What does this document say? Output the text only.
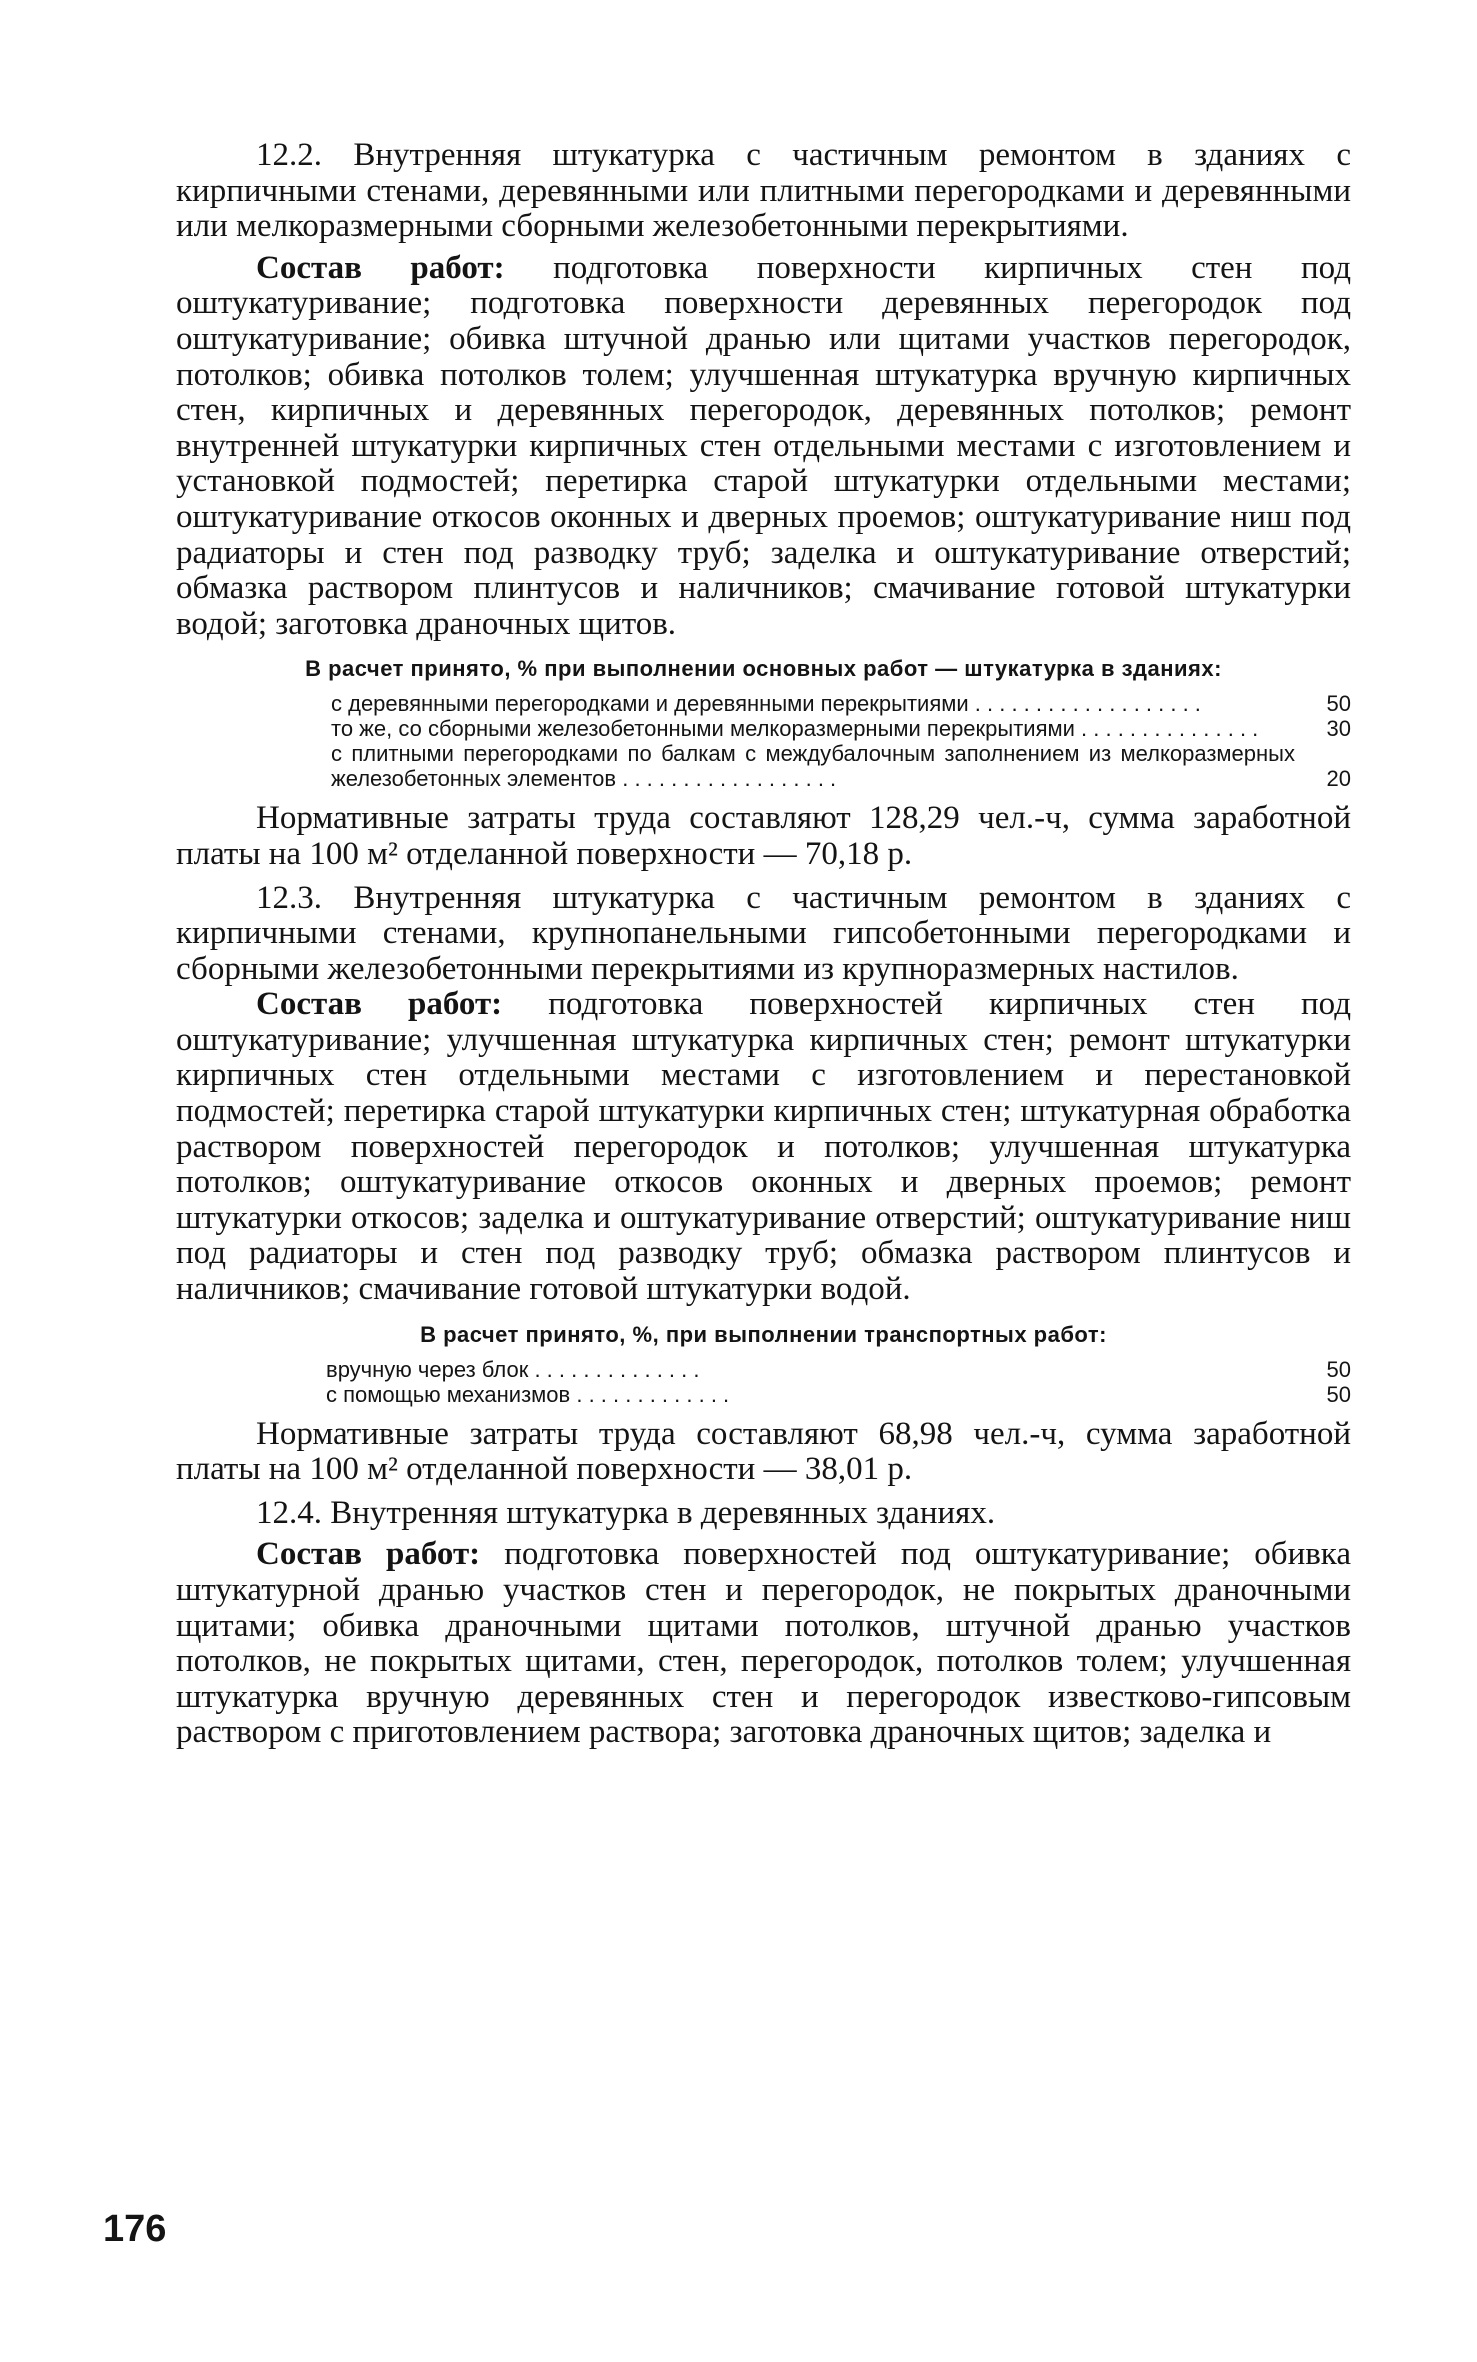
12.2. Внутренняя штукатурка с частичным ремонтом в зданиях с кирпичными стенами, деревянными или плитными перегородками и деревянными или мелкоразмерными сборными железобетонными перекрытиями.

Состав работ: подготовка поверхности кирпичных стен под оштукатуривание; подготовка поверхности деревянных перегородок под оштукатуривание; обивка штучной дранью или щитами участков перегородок, потолков; обивка потолков толем; улучшенная штукатурка вручную кирпичных стен, кирпичных и деревянных перегородок, деревянных потолков; ремонт внутренней штукатурки кирпичных стен отдельными местами с изготовлением и установкой подмостей; перетирка старой штукатурки отдельными местами; оштукатуривание откосов оконных и дверных проемов; оштукатуривание ниш под радиаторы и стен под разводку труб; заделка и оштукатуривание отверстий; обмазка раствором плинтусов и наличников; смачивание готовой штукатурки водой; заготовка драночных щитов.

В расчет принято, % при выполнении основных работ — штукатурка в зданиях:
с деревянными перегородками и деревянными перекрытиями . . . . . . . . . . . . . . . . . . .	50
то же, со сборными железобетонными мелкоразмерными перекрытиями . . . . . . . . . . . . . . .	30
с плитными перегородками по балкам с междубалочным заполнением из мелкоразмерных железобетонных элементов . . . . . . . . . . . . . . . . . .	20

Нормативные затраты труда составляют 128,29 чел.-ч, сумма заработной платы на 100 м² отделанной поверхности — 70,18 р.

12.3. Внутренняя штукатурка с частичным ремонтом в зданиях с кирпичными стенами, крупнопанельными гипсобетонными перегородками и сборными железобетонными перекрытиями из крупноразмерных настилов.

Состав работ: подготовка поверхностей кирпичных стен под оштукатуривание; улучшенная штукатурка кирпичных стен; ремонт штукатурки кирпичных стен отдельными местами с изготовлением и перестановкой подмостей; перетирка старой штукатурки кирпичных стен; штукатурная обработка раствором поверхностей перегородок и потолков; улучшенная штукатурка потолков; оштукатуривание откосов оконных и дверных проемов; ремонт штукатурки откосов; заделка и оштукатуривание отверстий; оштукатуривание ниш под радиаторы и стен под разводку труб; обмазка раствором плинтусов и наличников; смачивание готовой штукатурки водой.

В расчет принято, %, при выполнении транспортных работ:
вручную через блок . . . . . . . . . . . . . .	50
с помощью механизмов . . . . . . . . . . . . .	50

Нормативные затраты труда составляют 68,98 чел.-ч, сумма заработной платы на 100 м² отделанной поверхности — 38,01 р.

12.4. Внутренняя штукатурка в деревянных зданиях.

Состав работ: подготовка поверхностей под оштукатуривание; обивка штукатурной дранью участков стен и перегородок, не покрытых драночными щитами; обивка драночными щитами потолков, штучной дранью участков потолков, не покрытых щитами, стен, перегородок, потолков толем; улучшенная штукатурка вручную деревянных стен и перегородок известково-гипсовым раствором с приготовлением раствора; заготовка драночных щитов; заделка и

176
